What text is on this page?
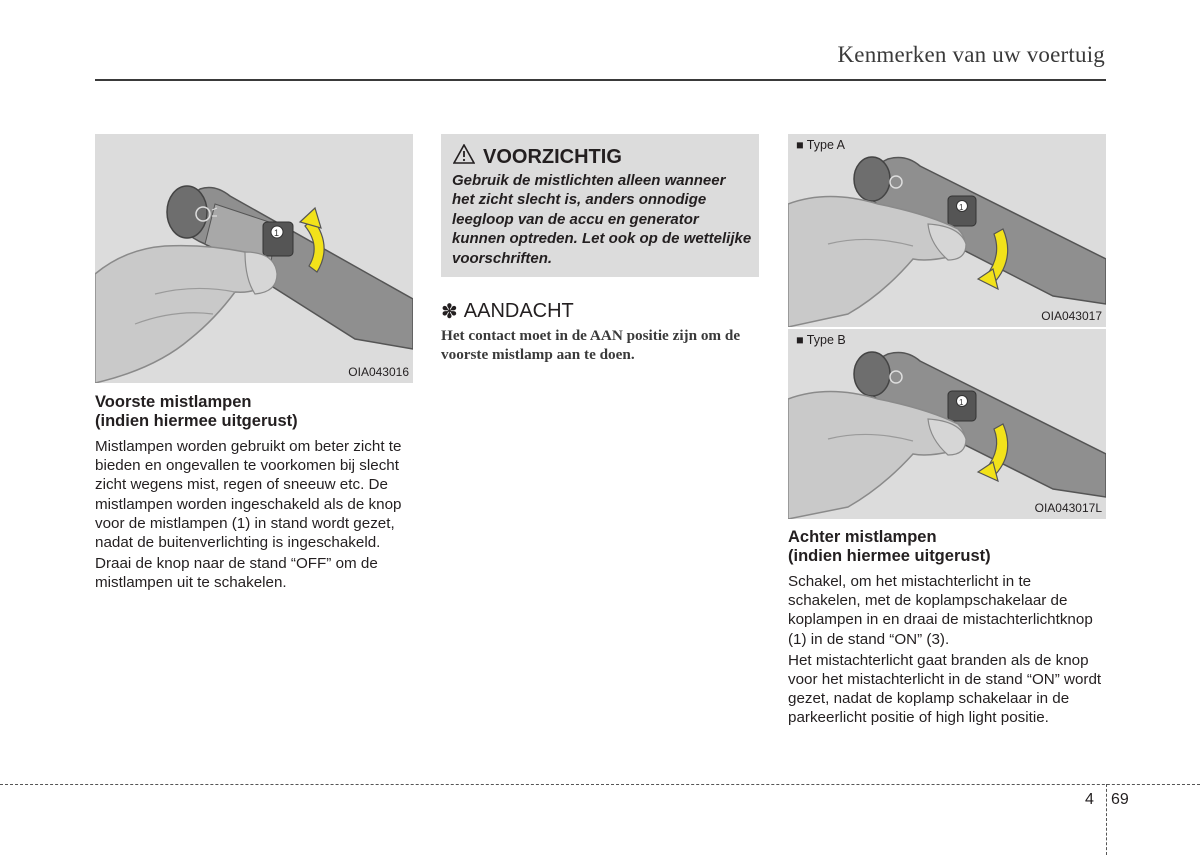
Kenmerken van uw voertuig
1
OIA043016
Voorste mistlampen
(indien hiermee uitgerust)

Mistlampen worden gebruikt om beter zicht te bieden en ongevallen te voorkomen bij slecht zicht wegens mist, regen of sneeuw etc. De mistlampen worden ingeschakeld als de knop voor de mistlampen (1) in stand wordt gezet, nadat de buitenverlichting is ingeschakeld.

Draai de knop naar de stand “OFF” om de mistlampen uit te schakelen.

VOORZICHTIG
Gebruik de mistlichten alleen wanneer het zicht slecht is, anders onnodige leegloop van de accu en generator kunnen optreden. Let ook op de wettelijke voorschriften.
✽ AANDACHT
Het contact moet in de AAN positie zijn om de voorste mistlamp aan te doen.
1
■ Type A
OIA043017
1
■ Type B
OIA043017L
Achter mistlampen
(indien hiermee uitgerust)

Schakel, om het mistachterlicht in te schakelen, met de koplampschakelaar de koplampen in en draai de mistachterlichtknop (1) in de stand “ON” (3).

Het mistachterlicht gaat branden als de knop voor het mistachterlicht in de stand “ON” wordt gezet, nadat de koplamp schakelaar in de parkeerlicht positie of high light positie.

4 69
